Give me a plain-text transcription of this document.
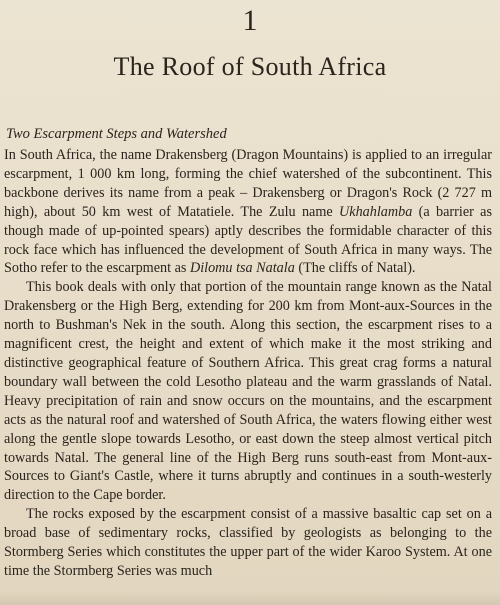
1
The Roof of South Africa
Two Escarpment Steps and Watershed

In South Africa, the name Drakensberg (Dragon Mountains) is applied to an irregular escarpment, 1 000 km long, forming the chief watershed of the subcontinent. This backbone derives its name from a peak – Drakensberg or Dragon's Rock (2 727 m high), about 50 km west of Matatiele. The Zulu name Ukhahlamba (a barrier as though made of up-pointed spears) aptly describes the formidable character of this rock face which has influenced the development of South Africa in many ways. The Sotho refer to the escarpment as Dilomu tsa Natala (The cliffs of Natal).

This book deals with only that portion of the mountain range known as the Natal Drakensberg or the High Berg, extending for 200 km from Mont-aux-Sources in the north to Bushman's Nek in the south. Along this section, the escarpment rises to a magnificent crest, the height and extent of which make it the most striking and distinctive geographical feature of Southern Africa. This great crag forms a natural boundary wall between the cold Lesotho plateau and the warm grasslands of Natal. Heavy precipitation of rain and snow occurs on the mountains, and the escarpment acts as the natural roof and watershed of South Africa, the waters flowing either west along the gentle slope towards Lesotho, or east down the steep almost vertical pitch towards Natal. The general line of the High Berg runs south-east from Mont-aux-Sources to Giant's Castle, where it turns abruptly and continues in a south-westerly direction to the Cape border.

The rocks exposed by the escarpment consist of a massive basaltic cap set on a broad base of sedimentary rocks, classified by geologists as belonging to the Stormberg Series which constitutes the upper part of the wider Karoo System. At one time the Stormberg Series was much
